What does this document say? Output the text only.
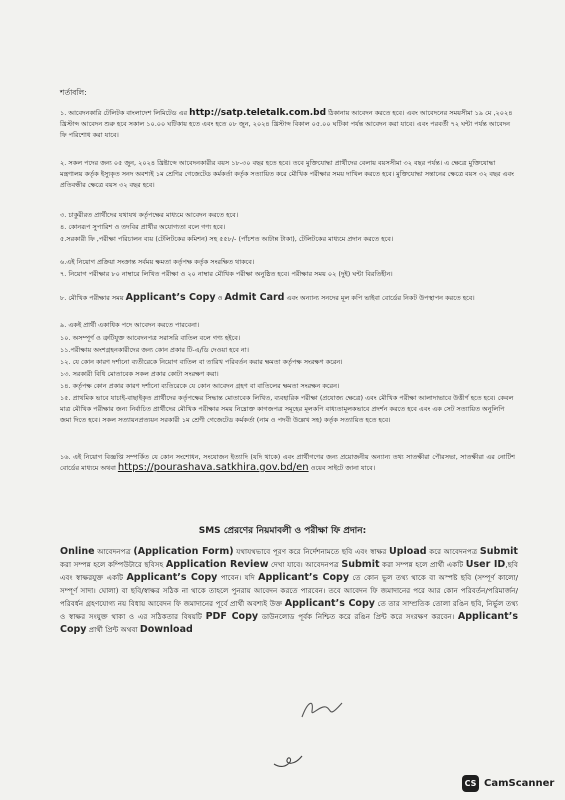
শর্তাবলি:

১. আবেদনকারি টেলিটক বাংলাদেশ লিমিটেড এর http://satp.teletalk.com.bd ঠিকানায় আবেদন করতে হবে। এবং আবেদনের সময়সীমা ১৯ মে ,২০২৪ খ্রিস্টাব্দ আবেদন শুরু হবে সকাল ১০.০০ ঘটিকায় হতে এবং হতে ০৮ জুন, ২০২৪ খ্রিস্টাব্দ বিকাল ০৫.০০ ঘটিকা পর্যন্ত আবেদন করা যাবে। এবং পরবর্তী ৭২ ঘন্টা পর্যন্ত আবেদন ফি পরিশোধ করা যাবে।

২. সকল পদের জন্য ০৫ জুন, ২০২৪ খ্রিষ্টাব্দে আবেদনকারীর বয়স ১৮-৩০ বছর হতে হবে। তবে মুক্তিযোদ্ধা প্রার্থীদের বেলায় বয়সসীমা ৩২ বছর পর্যন্ত। এ ক্ষেত্রে মুক্তিযোদ্ধা মন্ত্রণালয় কর্তৃক ইস্যুকৃত সনদ অবশ্যই ১ম শ্রেণির গেজেটেড কর্মকর্তা কর্তৃক সত্যায়িত করে মৌখিক পরীক্ষার সময় দাখিল করতে হবে। মুক্তিযোদ্ধা সন্তানের ক্ষেত্রে বয়স ৩২ বছর এবং প্রতিবন্ধীর ক্ষেত্রে বয়স ৩২ বছর হবে।

৩. চাকুরীরত প্রার্থীদের যথাযথ কর্তৃপক্ষের মাধ্যমে আবেদন করতে হবে।

৪. কোনরূপ সুপারিশ ও তদবির প্রার্থীর অযোগ্যতা বলে গণ্য হবে।

৫.সরকারী ফি ,পরীক্ষা পরিচালন ব্যয় (টেলিটকের কমিশন) সহ ৫৫৮/- (পাঁচশত আটান্ন টাকা), টেলিটকের মাধ্যমে প্রদান করতে হবে।

৬.এই নিয়োগ প্রক্রিয়া সংক্রান্ত সর্বময় ক্ষমতা কর্তৃপক্ষ কর্তৃক সংরক্ষিত থাকবে।

৭. নিয়োগ পরীক্ষার ৮০ নাম্বারে লিখিত পরীক্ষা ও ২০ নাম্বার মৌখিক পরীক্ষা অনুষ্ঠিত হবে। পরীক্ষার সময় ০২ (দুই) ঘন্টা বিরতিহীন।

৮. মৌখিক পরীক্ষার সময় Applicant’s Copy ও Admit Card এবং অন্যান্য সনদের মূল কপি ভাইবা বোর্ডের নিকট উপস্থাপন করতে হবে।

৯. একই প্রার্থী একাধিক পদে আবেদন করতে পারবেনা।

১০. অসম্পূর্ণ ও ত্রুটিযুক্ত আবেদনপত্র সরাসরি বাতিল বলে গণ্য হইবে।

১১.পরীক্ষায় অংশগ্রহনকারীদের জন্য কোন প্রকার টি-এ/ডি দেওয়া হবে না।

১২. যে কোন কারণ দর্শানো ব্যতীরেকে নিয়োগ বাতিল বা তারিখ পরিবর্তন করার ক্ষমতা কর্তৃপক্ষ সংরক্ষণ করেন।

১৩. সরকারী বিধি মোতাবেক সকল প্রকার কোটা সংরক্ষণ করা।

১৪. কর্তৃপক্ষ কোন প্রকার কারণ দর্শানো ব্যতিরেকে যে কোন আবেদন গ্রহণ বা বাতিলের ক্ষমতা সংরক্ষন করেন।

১৫. প্রাথমিক ভাবে যাচাই-বাছাইকৃত প্রার্থীদের কর্তৃপক্ষের সিদ্ধান্ত মোতাবেক লিখিত, ব্যবহারিক পরীক্ষা (প্রযোজ্য ক্ষেত্রে) এবং মৌখিক পরীক্ষা আলাদাভাবে উত্তীর্ণ হতে হবে। কেবল মাত্র মৌখিক পরীক্ষার জন্য নির্বাচিত প্রার্থীদের মৌখিক পরীক্ষার সময় নিম্নোক্ত কাগজপত্র সমূহের মূলকপি বাধ্যতামূলকভাবে প্রদর্শন করতে হবে এবং এক সেট সত্যায়িত অনুলিপি জমা দিতে হবে। সকল সত্যায়নপ্রত্যয়ন সরকারী ১ম শ্রেণী গেজেটেড কর্মকর্তা (নাম ও পদবী উল্লেখ সহ) কর্তৃক সত্যায়িত হতে হবে।

১৬. এই নিয়োগ বিজ্ঞপ্তি সম্পর্কিত যে কোন সংশোধন, সংযোজন ইত্যাদি (যদি থাকে) এবং প্রার্থীগণের জন্য প্রয়োজনীয় অন্যান্য তথ্য সাতক্ষীরা পৌরসভা, সাতক্ষীরা এর নোটিশ বোর্ডের মাধ্যমে অথবা https://pourashava.satkhira.gov.bd/en ওয়েব সাইটে জানা যাবে।

SMS প্রেরণের নিয়মাবলী ও পরীক্ষা ফি প্রদান:

Online আবেদনপত্র (Application Form) যথাযথভাবে পূরণ করে নির্দেশনামতে ছবি এবং স্বাক্ষর Upload করে আবেদনপত্র Submit করা সম্পন্ন হলে কম্পিউটারে ছবিসহ Application Review দেখা যাবে। আবেদনপত্র Submit করা সম্পন্ন হলে প্রার্থী একটি User ID,ছবি এবং স্বাক্ষরযুক্ত একটি Applicant’s Copy পাবেন। যদি Applicant’s Copy তে কোন ভুল তথ্য থাকে বা অস্পষ্ট ছবি (সম্পূর্ণ কালো/ সম্পূর্ণ সাদা। ঘোলা) বা ছবি/স্বাক্ষর সঠিক না থাকে তাহলে পুনরায় আবেদন করতে পারবেন। তবে আবেদন ফি জমাদানের পরে আর কোন পরিবর্তন/পরিমার্জন/পরিবর্ধন গ্রহণযোগ্য নয় বিধায় আবেদন ফি জমাদানের পূর্বে প্রার্থী অবশ্যই উক্ত Applicant’s Copy তে তার সাম্প্রতিক তোলা রঙিন ছবি, নির্ভুল তথ্য ও স্বাক্ষর সংযুক্ত থাকা ও এর সঠিকতার বিষয়টি PDF Copy ডাউনলোড পূর্বক নিশ্চিত করে রঙিন প্রিন্ট করে সংরক্ষণ করবেন। Applicant’s Copy প্রার্থী প্রিন্ট অথবা Download

CS CamScanner
